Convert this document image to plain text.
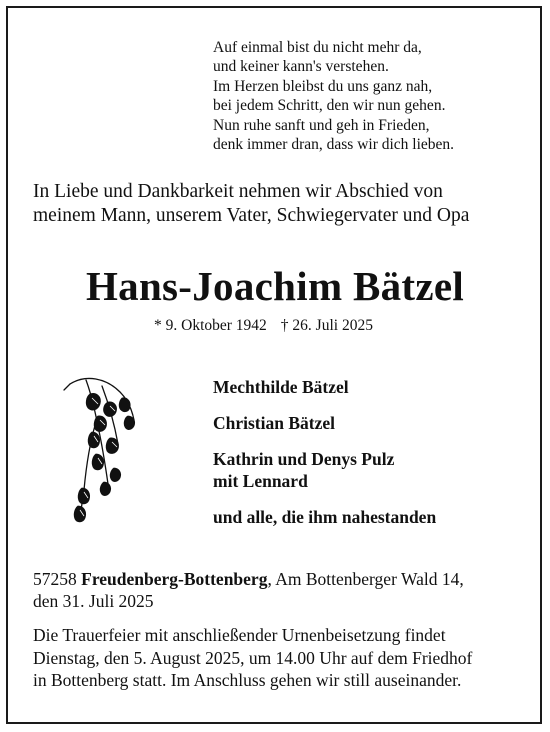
Auf einmal bist du nicht mehr da,
und keiner kann's verstehen.
Im Herzen bleibst du uns ganz nah,
bei jedem Schritt, den wir nun gehen.
Nun ruhe sanft und geh in Frieden,
denk immer dran, dass wir dich lieben.
In Liebe und Dankbarkeit nehmen wir Abschied von
meinem Mann, unserem Vater, Schwiegervater und Opa
Hans-Joachim Bätzel
* 9. Oktober 1942 † 26. Juli 2025
Mechthilde Bätzel
Christian Bätzel
Kathrin und Denys Pulz
mit Lennard
und alle, die ihm nahestanden
57258 Freudenberg-Bottenberg, Am Bottenberger Wald 14,
den 31. Juli 2025
Die Trauerfeier mit anschließender Urnenbeisetzung findet
Dienstag, den 5. August 2025, um 14.00 Uhr auf dem Friedhof
in Bottenberg statt. Im Anschluss gehen wir still auseinander.
